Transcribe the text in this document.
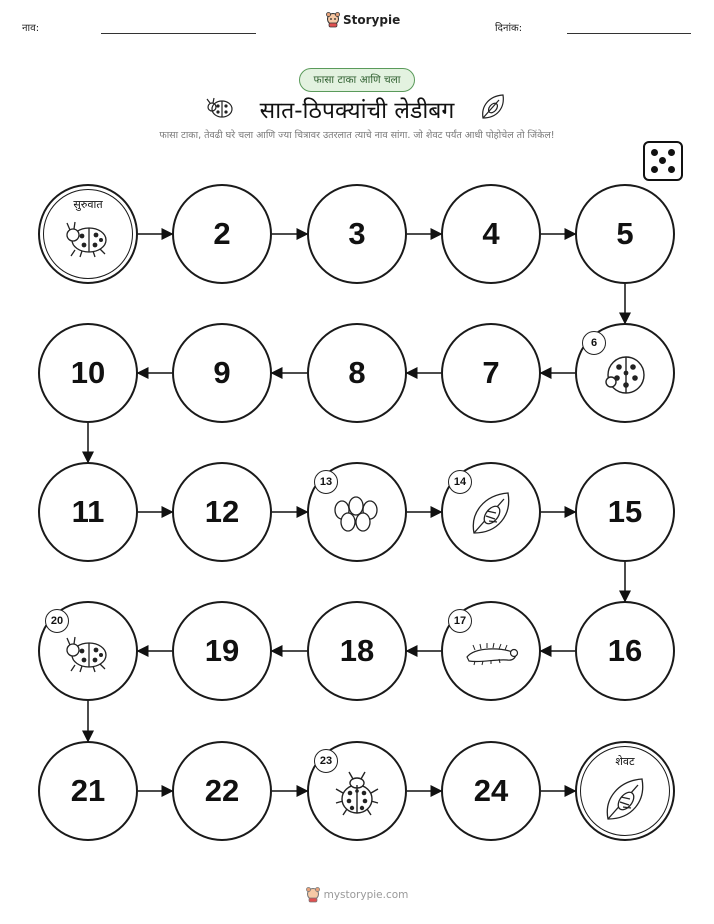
नाव:
Storypie
दिनांक:
फासा टाका आणि चला
सात-ठिपक्यांची लेडीबग
फासा टाका, तेवढी घरे चला आणि ज्या चित्रावर उतरलात त्याचे नाव सांगा. जो शेवट पर्यंत आधी पोहोचेल तो जिंकेल!
सुरुवात
2	3	4	5
6
7
8
9
10
11	12
13	14
15
16
17
18
19
20
21	22
23
24
शेवट
mystorypie.com
